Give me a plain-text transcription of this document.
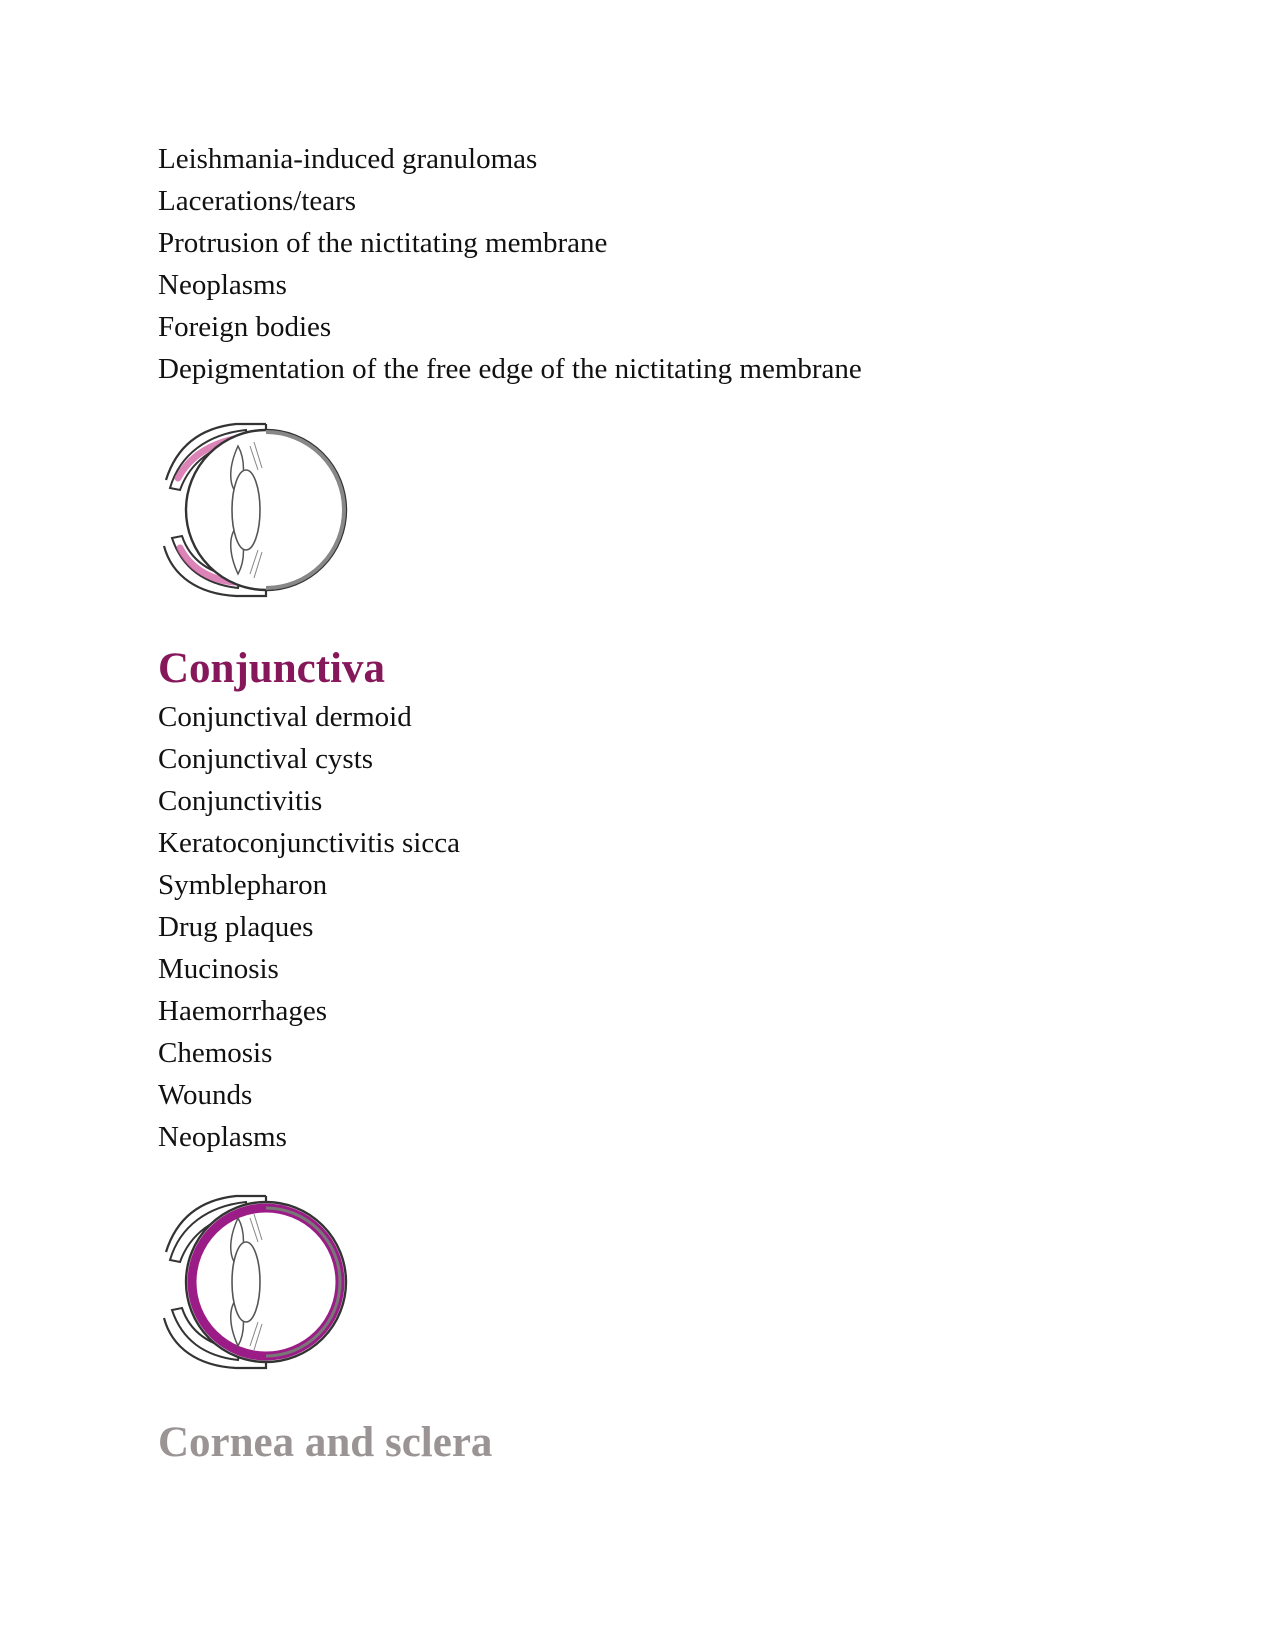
Leishmania-induced granulomas
Lacerations/tears
Protrusion of the nictitating membrane
Neoplasms
Foreign bodies
Depigmentation of the free edge of the nictitating membrane
Conjunctiva
Conjunctival dermoid
Conjunctival cysts
Conjunctivitis
Keratoconjunctivitis sicca
Symblepharon
Drug plaques
Mucinosis
Haemorrhages
Chemosis
Wounds
Neoplasms
Cornea and sclera
